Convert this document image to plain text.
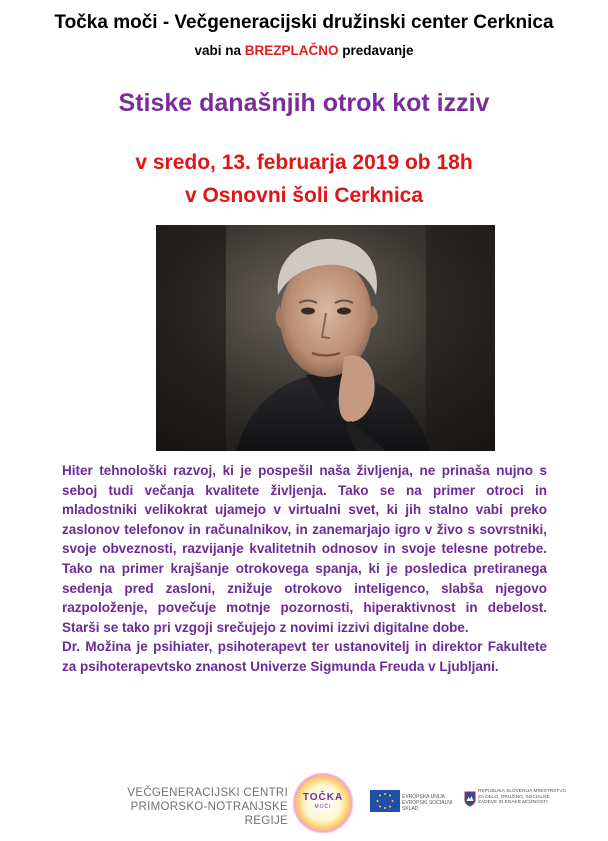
Točka moči - Večgeneracijski družinski center Cerknica
vabi na BREZPLAČNO predavanje
Stiske današnjih otrok kot izziv
v sredo, 13. februarja 2019 ob 18h
v Osnovni šoli Cerknica

Hiter tehnološki razvoj, ki je pospešil naša življenja, ne prinaša nujno s seboj tudi večanja kvalitete življenja. Tako se na primer otroci in mladostniki velikokrat ujamejo v virtualni svet, ki jih stalno vabi preko zaslonov telefonov in računalnikov, in zanemarjajo igro v živo s sovrstniki, svoje obveznosti, razvijanje kvalitetnih odnosov in svoje telesne potrebe. Tako na primer krajšanje otrokovega spanja, ki je posledica pretiranega sedenja pred zasloni, znižuje otrokovo inteligenco, slabša njegovo razpoloženje, povečuje motnje pozornosti, hiperaktivnost in debelost. Starši se tako pri vzgoji srečujejo z novimi izzivi digitalne dobe.

Dr. Možina je psihiater, psihoterapevt ter ustanovitelj in direktor Fakultete za psihoterapevtsko znanost Univerze Sigmunda Freuda v Ljubljani.

VEČGENERACIJSKI CENTRI
PRIMORSKO-NOTRANJSKE REGIJE
TOČKA
MOČI
EVROPSKA UNIJA
EVROPSKI SOCIALNI SKLAD
REPUBLIKA SLOVENIJA MINISTRSTVO ZA DELO, DRUŽINO, SOCIALNE ZADEVE IN ENAKE MOŽNOSTI
